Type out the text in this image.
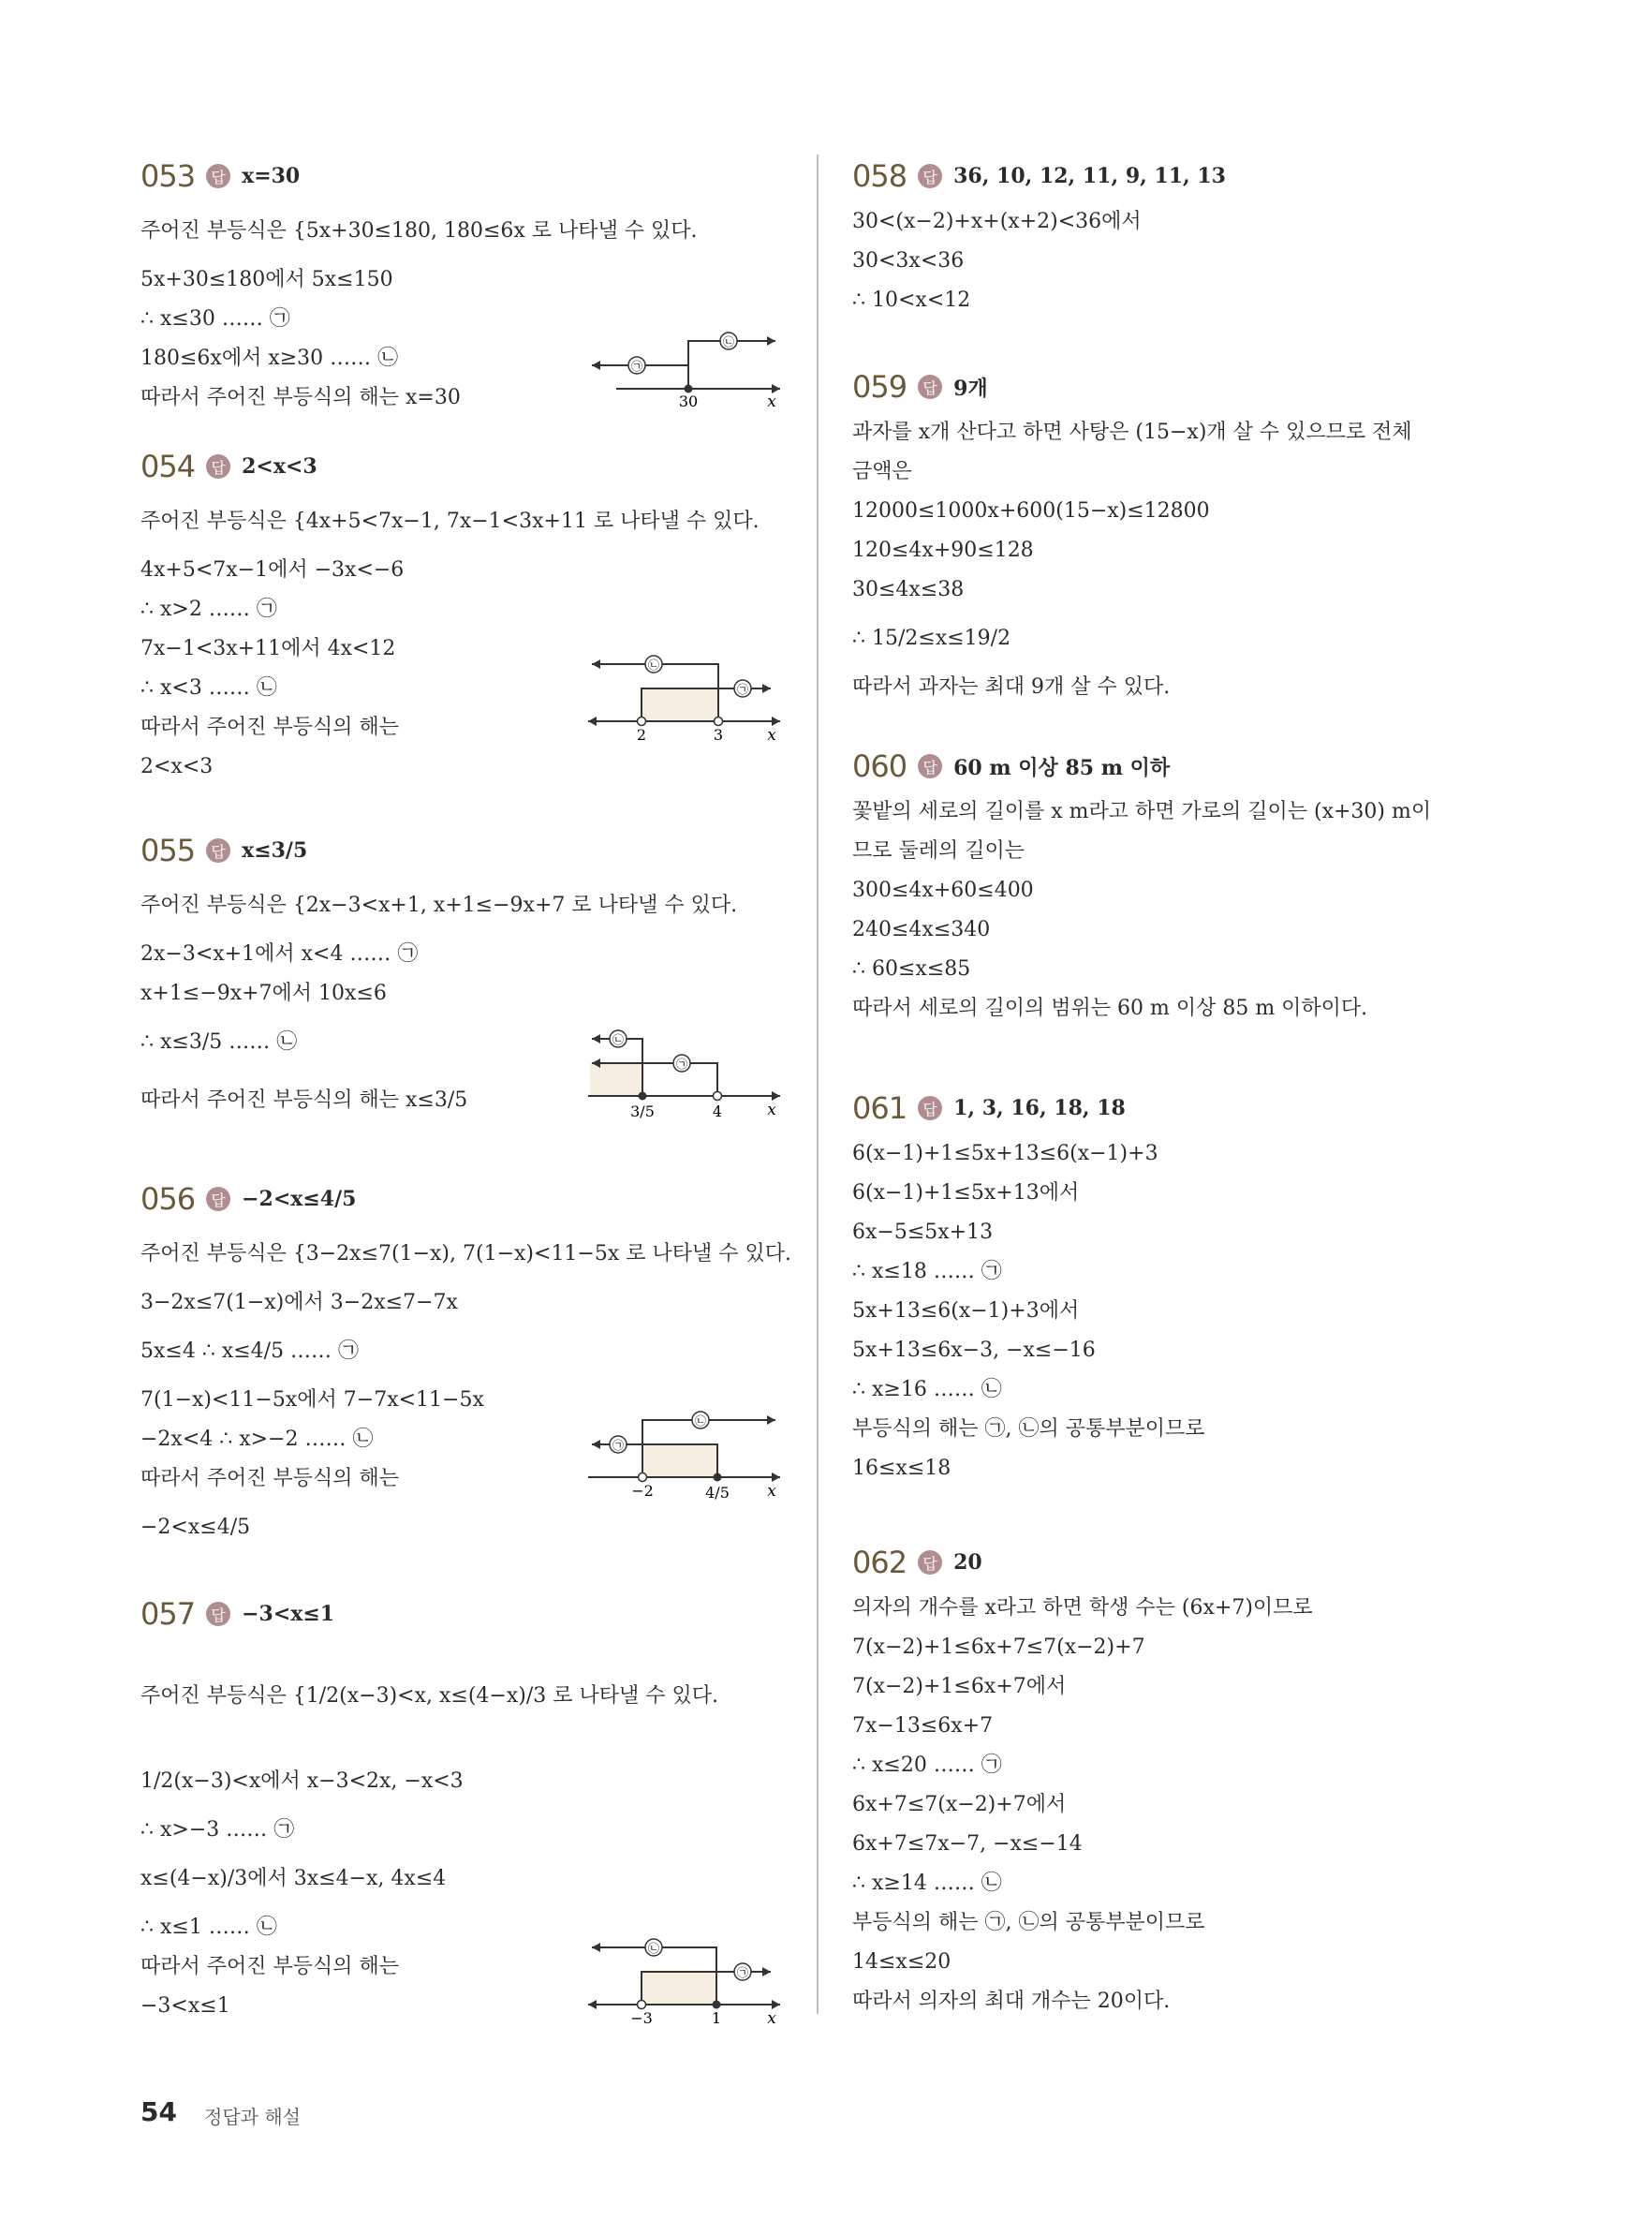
053	답 x=30
주어진 부등식은 {5x+30≤180, 180≤6x 로 나타낼 수 있다.
5x+30≤180에서 5x≤150
∴ x≤30 …… ㉠
180≤6x에서 x≥30 …… ㉡
따라서 주어진 부등식의 해는 x=30
㉠
㉡
30	x
054	답 2<x<3
주어진 부등식은 {4x+5<7x−1, 7x−1<3x+11 로 나타낼 수 있다.
4x+5<7x−1에서 −3x<−6
∴ x>2 …… ㉠
7x−1<3x+11에서 4x<12
∴ x<3 …… ㉡
따라서 주어진 부등식의 해는
2<x<3
㉡
㉠
2	3	x
055	답 x≤3/5
주어진 부등식은 {2x−3<x+1, x+1≤−9x+7 로 나타낼 수 있다.
2x−3<x+1에서 x<4 …… ㉠
x+1≤−9x+7에서 10x≤6
∴ x≤3/5 …… ㉡
따라서 주어진 부등식의 해는 x≤3/5
㉡
㉠
3/5	4	x
056	답 −2<x≤4/5
주어진 부등식은 {3−2x≤7(1−x), 7(1−x)<11−5x 로 나타낼 수 있다.
3−2x≤7(1−x)에서 3−2x≤7−7x
5x≤4 ∴ x≤4/5 …… ㉠
7(1−x)<11−5x에서 7−7x<11−5x
−2x<4 ∴ x>−2 …… ㉡
따라서 주어진 부등식의 해는
−2<x≤4/5
㉡
㉠
−2	4/5 x
057	답 −3<x≤1
주어진 부등식은 {1/2(x−3)<x, x≤(4−x)/3 로 나타낼 수 있다.
1/2(x−3)<x에서 x−3<2x, −x<3
∴ x>−3 …… ㉠
x≤(4−x)/3에서 3x≤4−x, 4x≤4
∴ x≤1 …… ㉡
따라서 주어진 부등식의 해는
−3<x≤1
㉡
㉠
−3	1	x
058	답 36, 10, 12, 11, 9, 11, 13
30<(x−2)+x+(x+2)<36에서
30<3x<36
∴ 10<x<12
059	답 9개
과자를 x개 산다고 하면 사탕은 (15−x)개 살 수 있으므로 전체
금액은
12000≤1000x+600(15−x)≤12800
120≤4x+90≤128
30≤4x≤38
∴ 15/2≤x≤19/2
따라서 과자는 최대 9개 살 수 있다.
060	답 60 m 이상 85 m 이하
꽃밭의 세로의 길이를 x m라고 하면 가로의 길이는 (x+30) m이
므로 둘레의 길이는
300≤4x+60≤400
240≤4x≤340
∴ 60≤x≤85
따라서 세로의 길이의 범위는 60 m 이상 85 m 이하이다.
061	답 1, 3, 16, 18, 18
6(x−1)+1≤5x+13≤6(x−1)+3
6(x−1)+1≤5x+13에서
6x−5≤5x+13
∴ x≤18 …… ㉠
5x+13≤6(x−1)+3에서
5x+13≤6x−3, −x≤−16
∴ x≥16 …… ㉡
부등식의 해는 ㉠, ㉡의 공통부분이므로
16≤x≤18
062	답 20
의자의 개수를 x라고 하면 학생 수는 (6x+7)이므로
7(x−2)+1≤6x+7≤7(x−2)+7
7(x−2)+1≤6x+7에서
7x−13≤6x+7
∴ x≤20 …… ㉠
6x+7≤7(x−2)+7에서
6x+7≤7x−7, −x≤−14
∴ x≥14 …… ㉡
부등식의 해는 ㉠, ㉡의 공통부분이므로
14≤x≤20
따라서 의자의 최대 개수는 20이다.
54 정답과 해설
